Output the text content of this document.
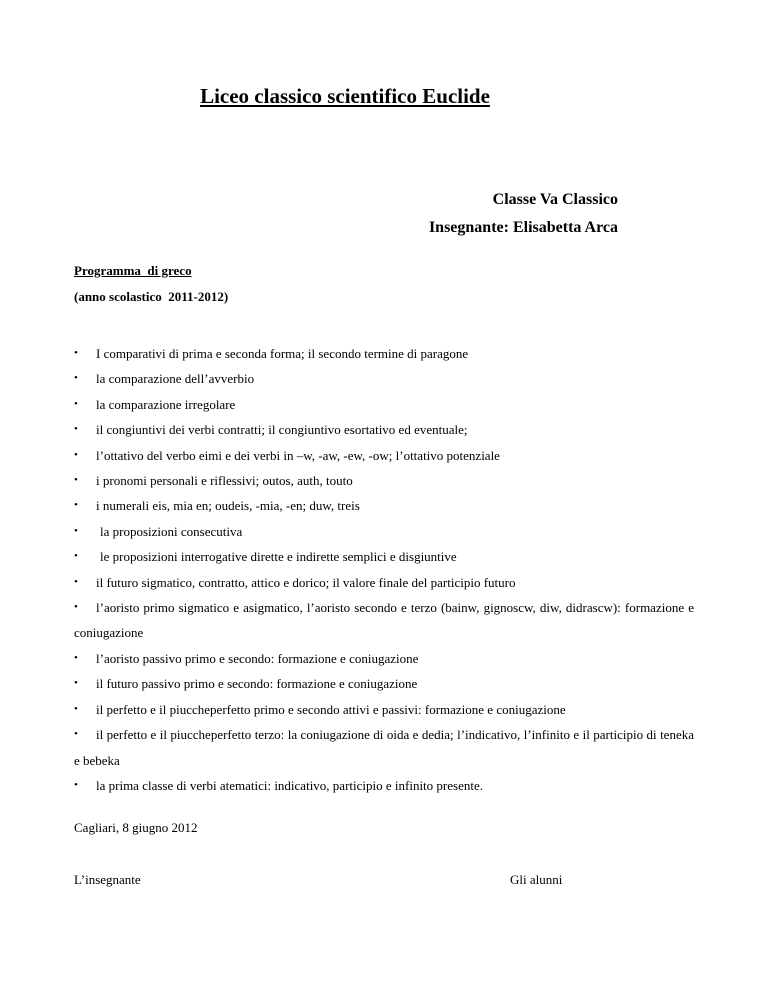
Liceo classico scientifico Euclide
Classe Va Classico
Insegnante: Elisabetta Arca
Programma  di greco
(anno scolastico  2011-2012)
• I comparativi di prima e seconda forma; il secondo termine di paragone
• la comparazione dell’avverbio
• la comparazione irregolare
• il congiuntivi dei verbi contratti; il congiuntivo esortativo ed eventuale;
• l’ottativo del verbo eimi e dei verbi in –w, -aw, -ew, -ow; l’ottativo potenziale
• i pronomi personali e riflessivi; outos, auth, touto
• i numerali eis, mia en; oudeis, -mia, -en; duw, treis
• la proposizioni consecutiva
• le proposizioni interrogative dirette e indirette semplici e disgiuntive
• il futuro sigmatico, contratto, attico e dorico; il valore finale del participio futuro
• l’aoristo primo sigmatico e asigmatico, l’aoristo secondo e terzo (bainw, gignoscw, diw, didrascw): formazione e coniugazione
• l’aoristo passivo primo e secondo: formazione e coniugazione
• il futuro passivo primo e secondo: formazione e coniugazione
• il perfetto e il piuccheperfetto primo e secondo attivi e passivi: formazione e coniugazione
• il perfetto e il piuccheperfetto terzo: la coniugazione di oida e dedia; l’indicativo, l’infinito e il participio di teneka e bebeka
• la prima classe di verbi atematici: indicativo, participio e infinito presente.
Cagliari, 8 giugno 2012
L’insegnante	Gli alunni
